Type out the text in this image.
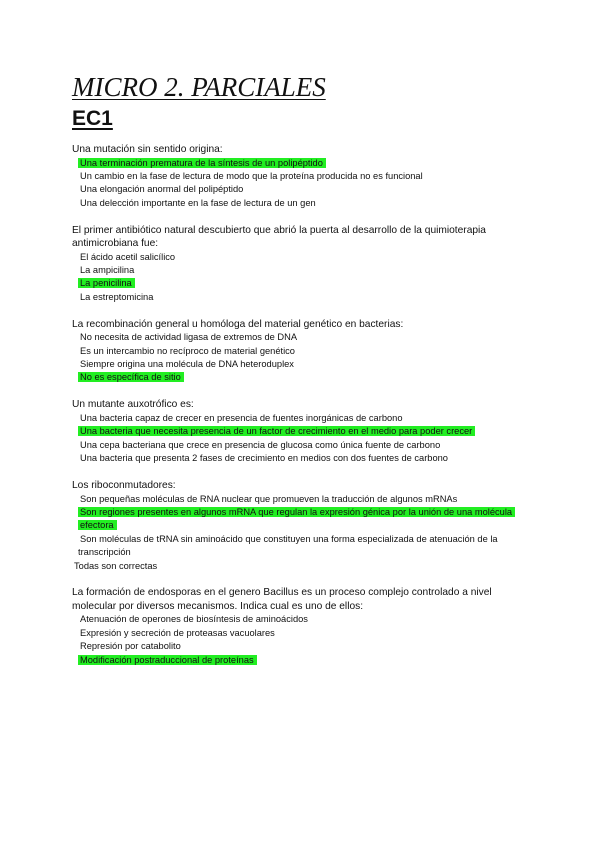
MICRO 2. PARCIALES
EC1

Una mutación sin sentido origina:

Una terminación prematura de la síntesis de un polipéptido

Un cambio en la fase de lectura de modo que la proteína producida no es funcional

Una elongación anormal del polipéptido

Una delección importante en la fase de lectura de un gen

El primer antibiótico natural descubierto que abrió la puerta al desarrollo de la quimioterapia antimicrobiana fue:

El ácido acetil salicílico

La ampicilina

La penicilina

La estreptomicina

La recombinación general u homóloga del material genético en bacterias:

No necesita de actividad ligasa de extremos de DNA

Es un intercambio no recíproco de material genético

Siempre origina una molécula de DNA heteroduplex

No es específica de sitio

Un mutante auxotrófico es:

Una bacteria capaz de crecer en presencia de fuentes inorgánicas de carbono

Una bacteria que necesita presencia de un factor de crecimiento en el medio para poder crecer

Una cepa bacteriana que crece en presencia de glucosa como única fuente de carbono

Una bacteria que presenta 2 fases de crecimiento en medios con dos fuentes de carbono

Los riboconmutadores:

Son pequeñas moléculas de RNA nuclear que promueven la traducción de algunos mRNAs

Son regiones presentes en algunos mRNA que regulan la expresión génica por la unión de una molécula efectora

Son moléculas de tRNA sin aminoácido que constituyen una forma especializada de atenuación de la transcripción

Todas son correctas

La formación de endosporas en el genero Bacillus es un proceso complejo controlado a nivel molecular por diversos mecanismos. Indica cual es uno de ellos:

Atenuación de operones de biosíntesis de aminoácidos

Expresión y secreción de proteasas vacuolares

Represión por catabolito

Modificación postraduccional de proteínas
